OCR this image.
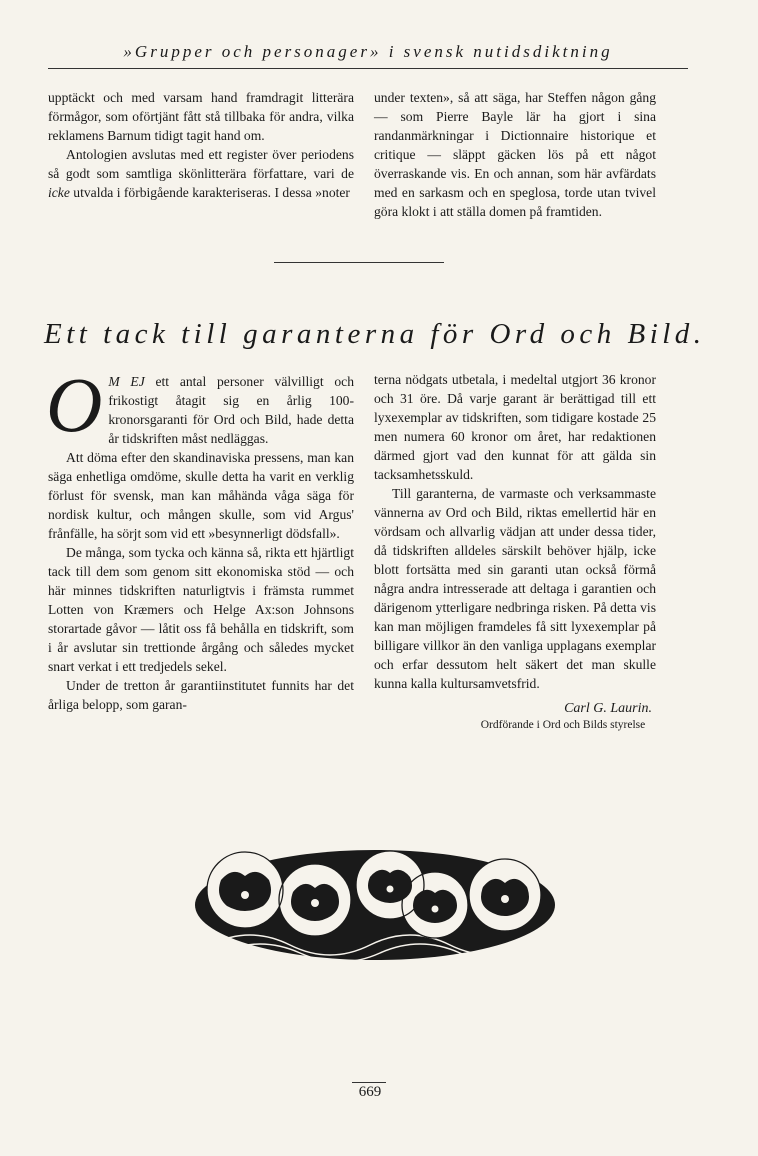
»Grupper och personager» i svensk nutidsdiktning

upptäckt och med varsam hand framdragit litterära förmågor, som oförtjänt fått stå tillbaka för andra, vilka reklamens Barnum tidigt tagit hand om.

Antologien avslutas med ett register över periodens så godt som samtliga skönlitterära författare, vari de icke utvalda i förbigående karakteriseras. I dessa »noter

under texten», så att säga, har Steffen någon gång — som Pierre Bayle lär ha gjort i sina randanmärkningar i Dictionnaire historique et critique — släppt gäcken lös på ett något överraskande vis. En och annan, som här avfärdats med en sarkasm och en speglosa, torde utan tvivel göra klokt i att ställa domen på framtiden.

Ett tack till garanterna för Ord och Bild.

O M EJ ett antal personer välvilligt och frikostigt åtagit sig en årlig 100-kronorsgaranti för Ord och Bild, hade detta år tidskriften måst nedläggas.

Att döma efter den skandinaviska pressens, man kan säga enhetliga omdöme, skulle detta ha varit en verklig förlust för svensk, man kan måhända våga säga för nordisk kultur, och mången skulle, som vid Argus' frånfälle, ha sörjt som vid ett »besynnerligt dödsfall».

De många, som tycka och känna så, rikta ett hjärtligt tack till dem som genom sitt ekonomiska stöd — och här minnes tidskriften naturligtvis i främsta rummet Lotten von Kræmers och Helge Ax:son Johnsons storartade gåvor — låtit oss få behålla en tidskrift, som i år avslutar sin trettionde årgång och således mycket snart verkat i ett tredjedels sekel.

Under de tretton år garantiinstitutet funnits har det årliga belopp, som garan-

terna nödgats utbetala, i medeltal utgjort 36 kronor och 31 öre. Då varje garant är berättigad till ett lyxexemplar av tidskriften, som tidigare kostade 25 men numera 60 kronor om året, har redaktionen därmed gjort vad den kunnat för att gälda sin tacksamhetsskuld.

Till garanterna, de varmaste och verksammaste vännerna av Ord och Bild, riktas emellertid här en vördsam och allvarlig vädjan att under dessa tider, då tidskriften alldeles särskilt behöver hjälp, icke blott fortsätta med sin garanti utan också förmå några andra intresserade att deltaga i garantien och därigenom ytterligare nedbringa risken. På detta vis kan man möjligen framdeles få sitt lyxexemplar på billigare villkor än den vanliga upplagans exemplar och erfar dessutom helt säkert det man skulle kunna kalla kultursamvetsfrid.

Carl G. Laurin.
Ordförande i Ord och Bilds styrelse
669
